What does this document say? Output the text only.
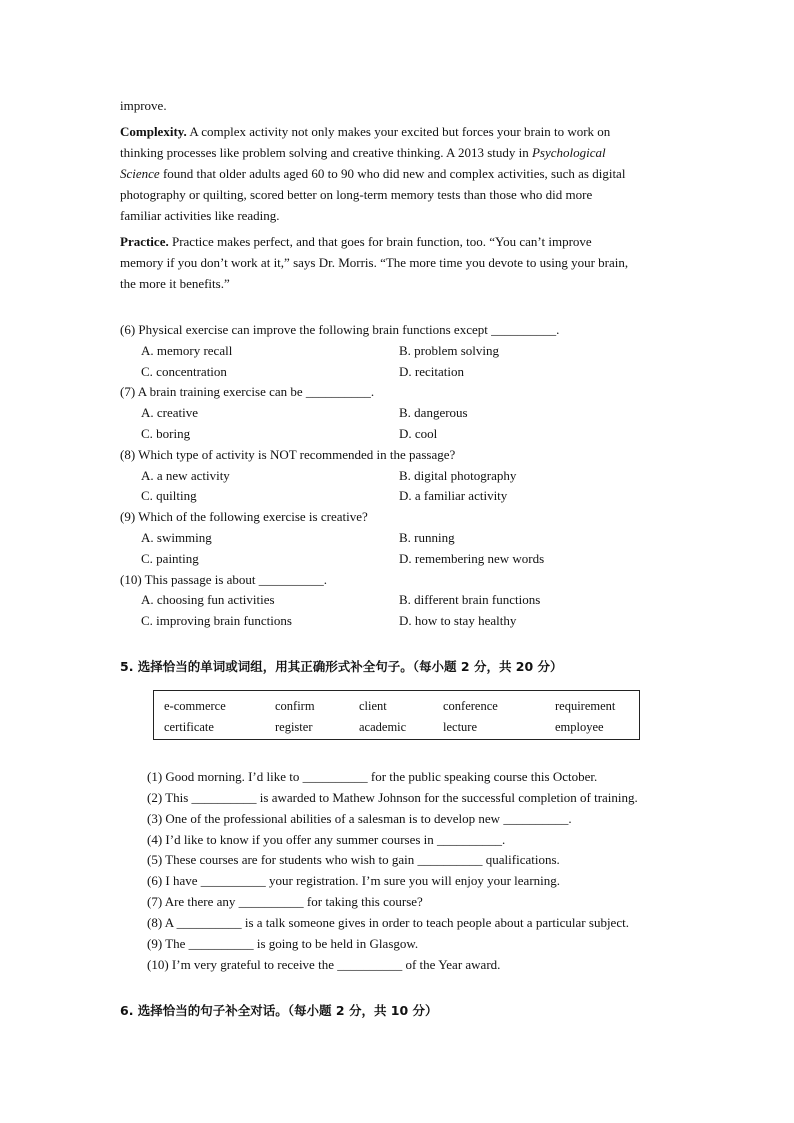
improve.
Complexity. A complex activity not only makes your excited but forces your brain to work on
thinking processes like problem solving and creative thinking. A 2013 study in Psychological
Science found that older adults aged 60 to 90 who did new and complex activities, such as digital
photography or quilting, scored better on long-term memory tests than those who did more
familiar activities like reading.
Practice. Practice makes perfect, and that goes for brain function, too. “You can’t improve
memory if you don’t work at it,” says Dr. Morris. “The more time you devote to using your brain,
the more it benefits.”
(6) Physical exercise can improve the following brain functions except __________.
A. memory recall	B. problem solving
C. concentration	D. recitation
(7) A brain training exercise can be __________.
A. creative	B. dangerous
C. boring	D. cool
(8) Which type of activity is NOT recommended in the passage?
A. a new activity	B. digital photography
C. quilting	D. a familiar activity
(9) Which of the following exercise is creative?
A. swimming	B. running
C. painting	D. remembering new words
(10) This passage is about __________.
A. choosing fun activities	B. different brain functions
C. improving brain functions	D. how to stay healthy
5. 选择恰当的单词或词组，用其正确形式补全句子。（每小题 2 分，共 20 分）
e-commerce	confirm	client	conference	requirement
certificate	register	academic	lecture	employee
(1) Good morning. I’d like to __________ for the public speaking course this October.
(2) This __________ is awarded to Mathew Johnson for the successful completion of training.
(3) One of the professional abilities of a salesman is to develop new __________.
(4) I’d like to know if you offer any summer courses in __________.
(5) These courses are for students who wish to gain __________ qualifications.
(6) I have __________ your registration. I’m sure you will enjoy your learning.
(7) Are there any __________ for taking this course?
(8) A __________ is a talk someone gives in order to teach people about a particular subject.
(9) The __________ is going to be held in Glasgow.
(10) I’m very grateful to receive the __________ of the Year award.
6. 选择恰当的句子补全对话。（每小题 2 分，共 10 分）
